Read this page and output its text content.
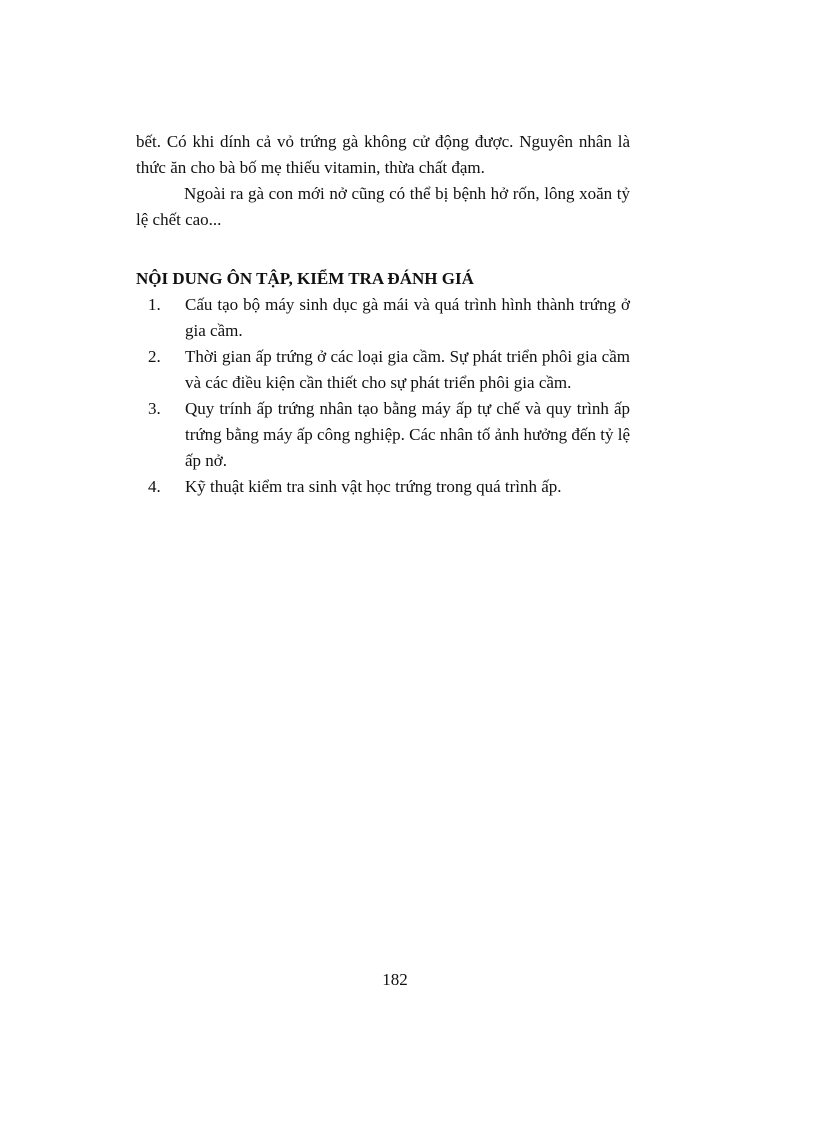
bết. Có khi dính cả vỏ trứng gà không cử động được. Nguyên nhân là thức ăn cho bà bố mẹ thiếu vitamin, thừa chất đạm.

Ngoài ra gà con mới nở cũng có thể bị bệnh hở rốn, lông xoăn tỷ lệ chết cao...

NỘI DUNG ÔN TẬP, KIỂM TRA ĐÁNH GIÁ
1. Cấu tạo bộ máy sinh dục gà mái và quá trình hình thành trứng ở gia cầm.
2. Thời gian ấp trứng ở các loại gia cầm. Sự phát triển phôi gia cầm và các điều kiện cần thiết cho sự phát triển phôi gia cầm.
3. Quy trính ấp trứng nhân tạo bằng máy ấp tự chế và quy trình ấp trứng bằng máy ấp công nghiệp. Các nhân tố ảnh hưởng đến tỷ lệ ấp nở.
4. Kỹ thuật kiểm tra sinh vật học trứng trong quá trình ấp.
182
